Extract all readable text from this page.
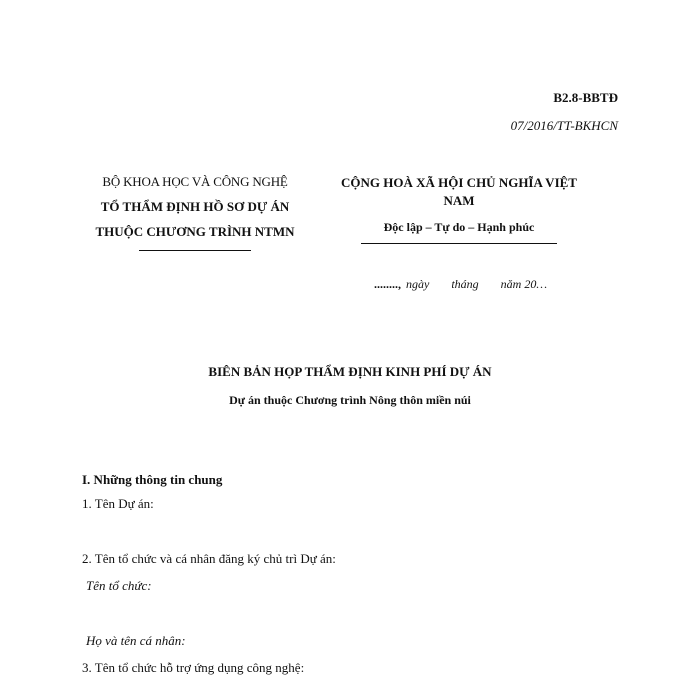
B2.8-BBTĐ
07/2016/TT-BKHCN
BỘ KHOA HỌC VÀ CÔNG NGHỆ
TỔ THẨM ĐỊNH HỒ SƠ DỰ ÁN
THUỘC CHƯƠNG TRÌNH NTMN
CỘNG HOÀ XÃ HỘI CHỦ NGHĨA VIỆT NAM
Độc lập – Tự do – Hạnh phúc
........, ngày tháng năm 20…
BIÊN BẢN HỌP THẨM ĐỊNH KINH PHÍ DỰ ÁN
Dự án thuộc Chương trình Nông thôn miền núi
I. Những thông tin chung
1. Tên Dự án:
2. Tên tổ chức và cá nhân đăng ký chủ trì Dự án:
Tên tổ chức:
Họ và tên cá nhân:
3. Tên tổ chức hỗ trợ ứng dụng công nghệ:
